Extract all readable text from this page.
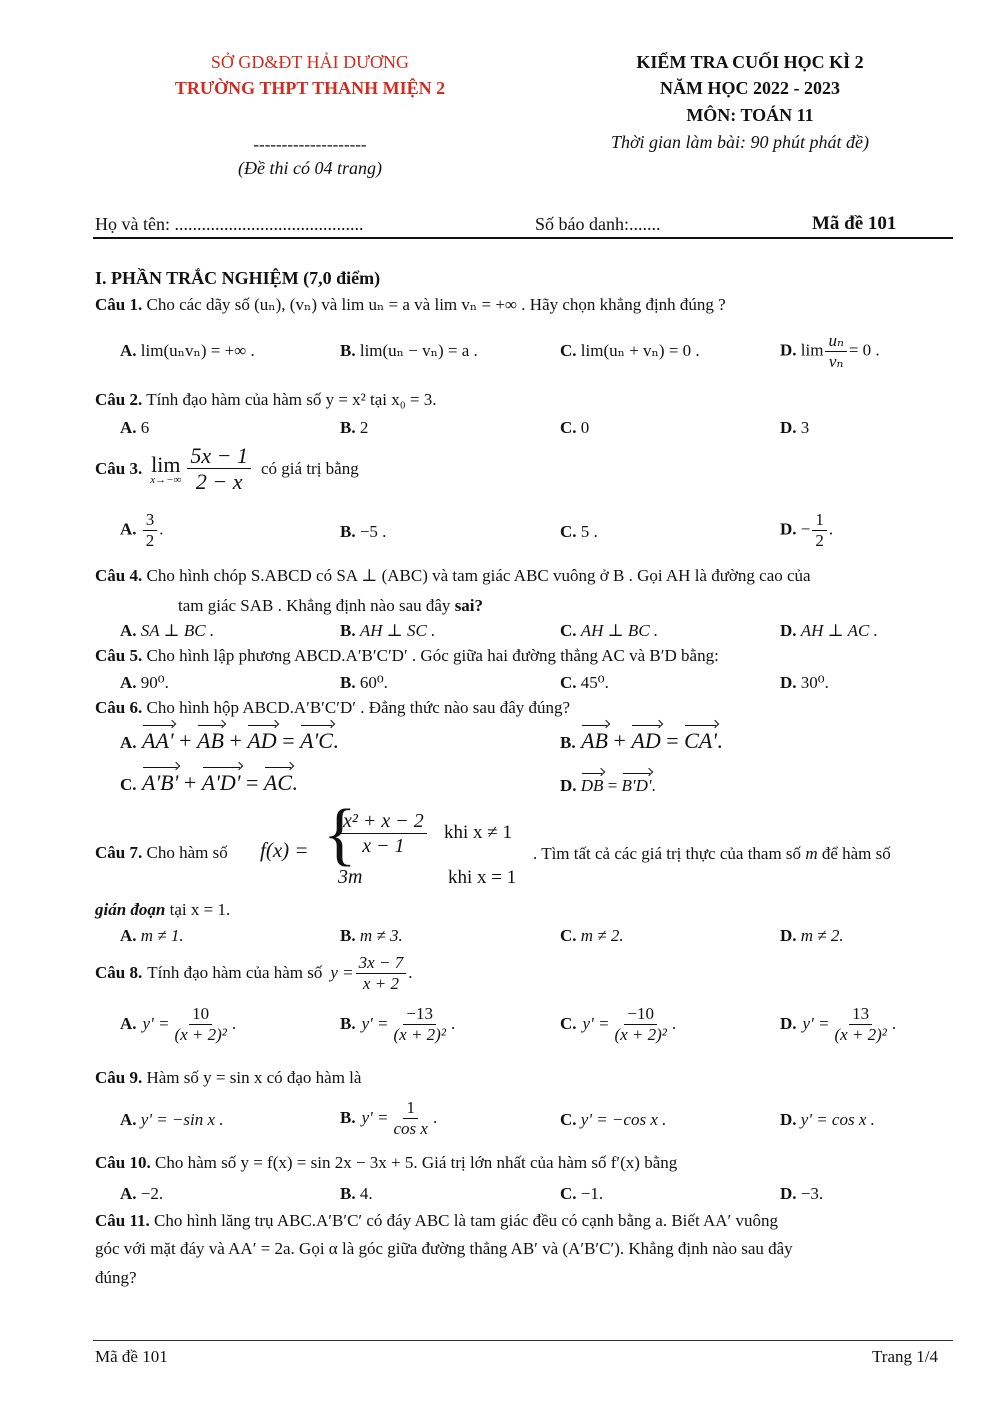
SỞ GD&ĐT HẢI DƯƠNG
TRƯỜNG THPT THANH MIỆN 2
--------------------
(Đề thi có 04 trang)
KIỂM TRA CUỐI HỌC KÌ 2
NĂM HỌC 2022 - 2023
MÔN: TOÁN 11
Thời gian làm bài: 90 phút phát đề)
Họ và tên: ..........................................	Số báo danh:.......	Mã đề 101
I. PHẦN TRẮC NGHIỆM (7,0 điểm)
Câu 1. Cho các dãy số (uₙ), (vₙ) và lim uₙ = a và lim vₙ = +∞ . Hãy chọn khẳng định đúng ?
A. lim(uₙvₙ) = +∞ .	B. lim(uₙ − vₙ) = a .	C. lim(uₙ + vₙ) = 0 .	D. $\lim \frac{\text{uₙ}}{\text{vₙ}} = 0$ .
Câu 2. Tính đạo hàm của hàm số y = x² tại x₀ = 3.
A. 6	B. 2	C. 0	D. 3
Câu 3. lim
$x\to-\infty \frac{5x - 1}{2 - x}$ có giá trị bằng
A. $\frac{3}{2}$ .	B. −5 .	C. 5 .	D. − $\frac{1}{2}$ .
Câu 4. Cho hình chóp S.ABCD có SA ⊥ (ABC) và tam giác ABC vuông ở B . Gọi AH là đường cao của
tam giác SAB . Khẳng định nào sau đây sai?
A. SA ⊥ BC .	B. AH ⊥ SC .	C. AH ⊥ BC .	D. AH ⊥ AC .
Câu 5. Cho hình lập phương ABCD.A′B′C′D′ . Góc giữa hai đường thẳng AC và B′D bằng:
A. 90⁰.	B. 60⁰.	C. 45⁰.	D. 30⁰.
Câu 6. Cho hình hộp ABCD.A′B′C′D′ . Đẳng thức nào sau đây đúng?
A. AA' + AB + AD = A'C.	B. AB + AD = CA'.
C. A'B' + A'D' = AC.	D. DB = B'D'.
Câu 7. Cho hàm số f(x) = {
$\frac{\text{x² + x − 2}}{x - 1}$ khi x ≠ 1
3m	khi x = 1
. Tìm tất cả các giá trị thực của tham số m để hàm số
gián đoạn tại x = 1.
A. m ≠ 1.	B. m ≠ 3.	C. m ≠ 2.	D. m ≠ 2.
Câu 8. Tính đạo hàm của hàm số $y = \frac{3x - 7}{x + 2}$ .
A. $y' = \frac{10}{\text{(x + 2)²}}$ .	B. $y' = \frac{-13}{\text{(x + 2)²}}$ .	C. $y' = \frac{-10}{\text{(x + 2)²}}$ .	D. $y' = \frac{13}{\text{(x + 2)²}}$ .
Câu 9. Hàm số y = sin x có đạo hàm là
A. y' = −sin x .	B. $y' = \frac{1}{\text{cos x}}$ .	C. y' = −cos x .	D. y' = cos x .
Câu 10. Cho hàm số y = f(x) = sin 2x − 3x + 5. Giá trị lớn nhất của hàm số f′(x) bằng
A. −2.	B. 4.	C. −1.	D. −3.
Câu 11. Cho hình lăng trụ ABC.A′B′C′ có đáy ABC là tam giác đều có cạnh bằng a. Biết AA′ vuông
góc với mặt đáy và AA′ = 2a. Gọi α là góc giữa đường thẳng AB′ và (A′B′C′). Khẳng định nào sau đây
đúng?
Mã đề 101	Trang 1/4
